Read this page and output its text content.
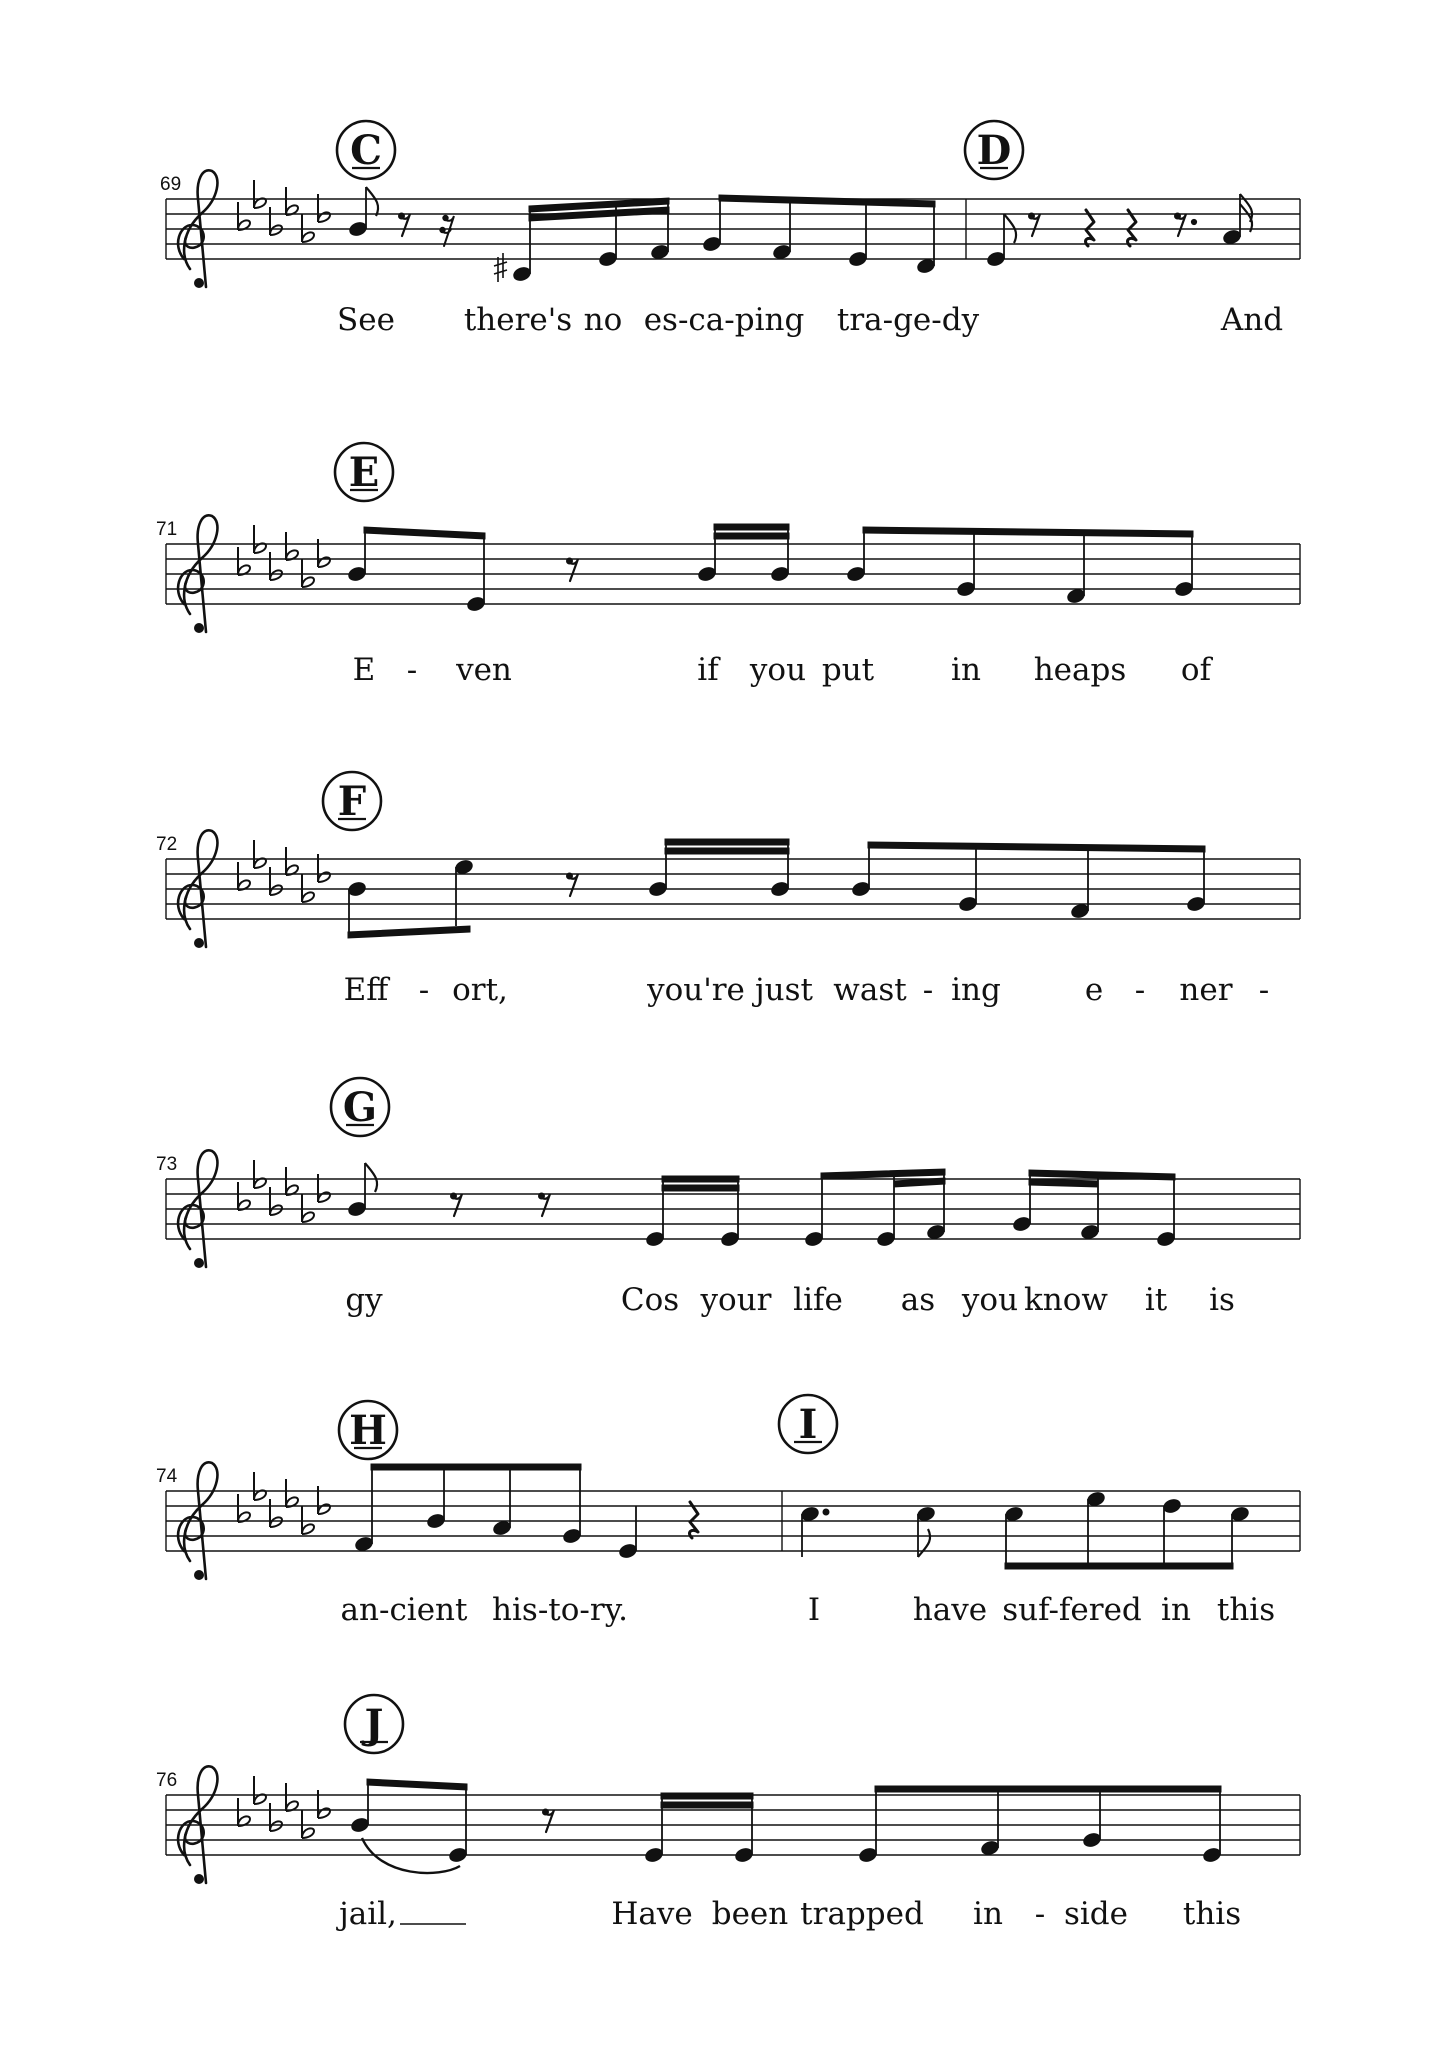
69
C	D
See there's no es-ca-ping tra-ge-dy	And
71
E
E - ven	if you put in heaps of
72
F
Eff - ort,	you're just wast - ing	e - ner -
73
G
gy	Cos your life as you know it is
74
H	I
an-cient his-to-ry.	I	have suf-fered in this
76
J
jail,	Have been trapped in - side this
